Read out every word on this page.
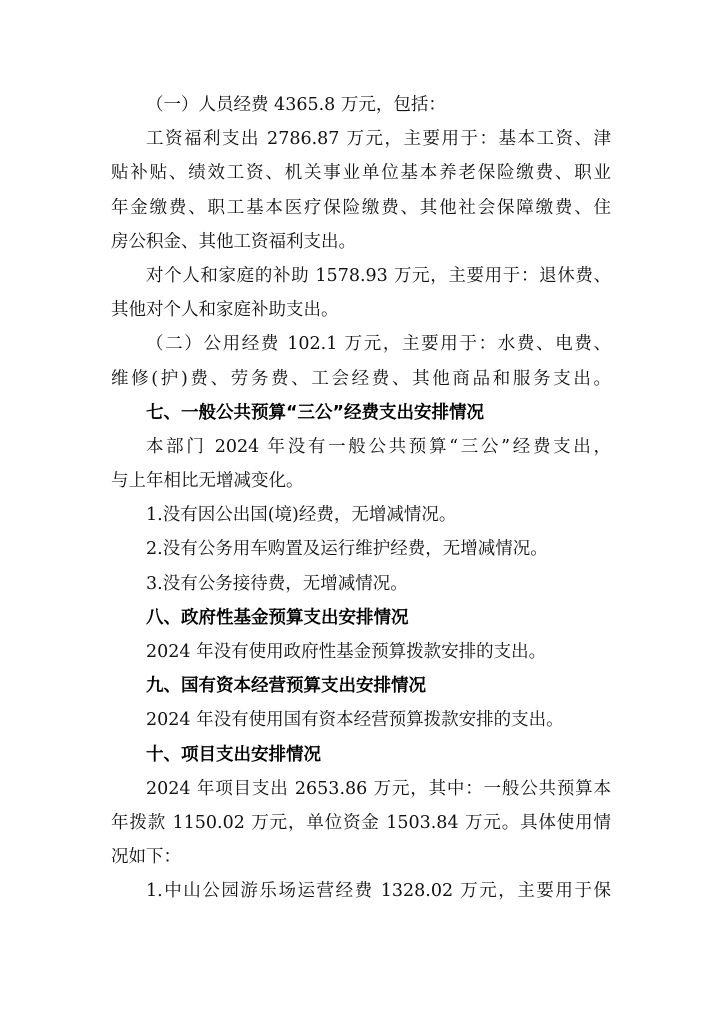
（一）人员经费 4365.8 万元，包括：
工资福利支出 2786.87 万元，主要用于：基本工资、津
贴补贴、绩效工资、机关事业单位基本养老保险缴费、职业
年金缴费、职工基本医疗保险缴费、其他社会保障缴费、住
房公积金、其他工资福利支出。
对个人和家庭的补助 1578.93 万元，主要用于：退休费、
其他对个人和家庭补助支出。
（二）公用经费 102.1 万元，主要用于：水费、电费、
维修(护)费、劳务费、工会经费、其他商品和服务支出。
七、一般公共预算“三公”经费支出安排情况
本部门 2024 年没有一般公共预算“三公”经费支出，
与上年相比无增减变化。
1.没有因公出国(境)经费，无增减情况。
2.没有公务用车购置及运行维护经费，无增减情况。
3.没有公务接待费，无增减情况。
八、政府性基金预算支出安排情况
2024 年没有使用政府性基金预算拨款安排的支出。
九、国有资本经营预算支出安排情况
2024 年没有使用国有资本经营预算拨款安排的支出。
十、项目支出安排情况
2024 年项目支出 2653.86 万元，其中：一般公共预算本
年拨款 1150.02 万元，单位资金 1503.84 万元。具体使用情
况如下：
1.中山公园游乐场运营经费 1328.02 万元，主要用于保
